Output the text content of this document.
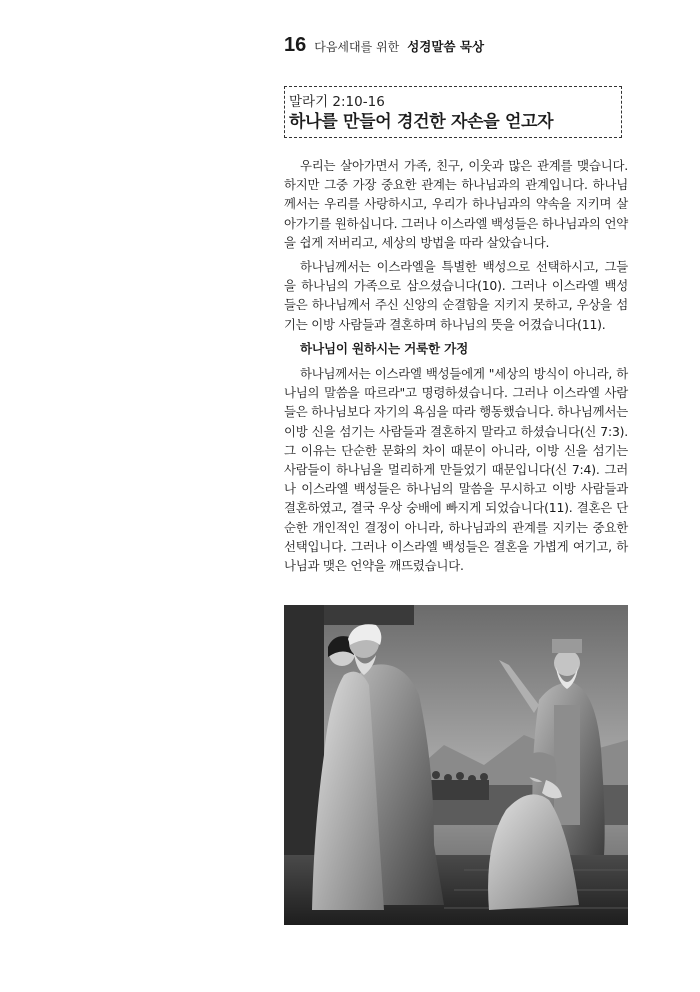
16 다음세대를 위한 성경말씀 묵상
말라기 2:10-16
하나를 만들어 경건한 자손을 얻고자

우리는 살아가면서 가족, 친구, 이웃과 많은 관계를 맺습니다. 하지만 그중 가장 중요한 관계는 하나님과의 관계입니다. 하나님께서는 우리를 사랑하시고, 우리가 하나님과의 약속을 지키며 살아가기를 원하십니다. 그러나 이스라엘 백성들은 하나님과의 언약을 쉽게 저버리고, 세상의 방법을 따라 살았습니다.

하나님께서는 이스라엘을 특별한 백성으로 선택하시고, 그들을 하나님의 가족으로 삼으셨습니다(10). 그러나 이스라엘 백성들은 하나님께서 주신 신앙의 순결함을 지키지 못하고, 우상을 섬기는 이방 사람들과 결혼하며 하나님의 뜻을 어겼습니다(11).

하나님이 원하시는 거룩한 가정

하나님께서는 이스라엘 백성들에게 "세상의 방식이 아니라, 하나님의 말씀을 따르라"고 명령하셨습니다. 그러나 이스라엘 사람들은 하나님보다 자기의 욕심을 따라 행동했습니다. 하나님께서는 이방 신을 섬기는 사람들과 결혼하지 말라고 하셨습니다(신 7:3). 그 이유는 단순한 문화의 차이 때문이 아니라, 이방 신을 섬기는 사람들이 하나님을 멀리하게 만들었기 때문입니다(신 7:4). 그러나 이스라엘 백성들은 하나님의 말씀을 무시하고 이방 사람들과 결혼하였고, 결국 우상 숭배에 빠지게 되었습니다(11). 결혼은 단순한 개인적인 결정이 아니라, 하나님과의 관계를 지키는 중요한 선택입니다. 그러나 이스라엘 백성들은 결혼을 가볍게 여기고, 하나님과 맺은 언약을 깨뜨렸습니다.
